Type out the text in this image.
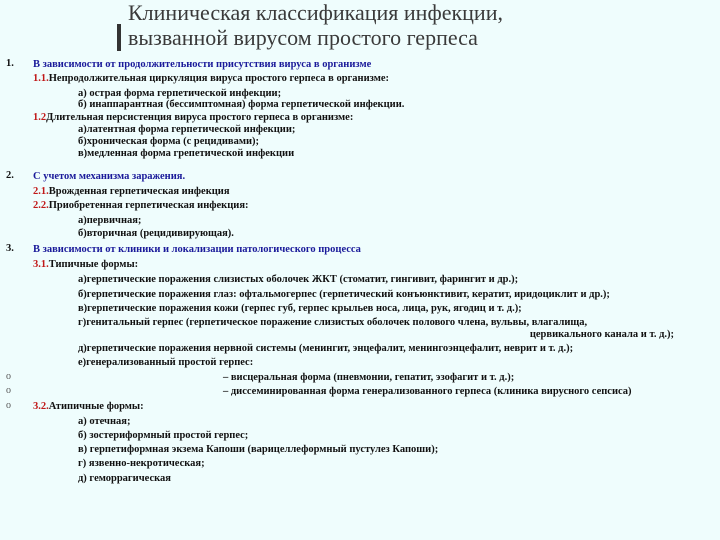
Клиническая классификация инфекции,
вызванной вирусом простого герпеса
1.
2.
3.
o
o
o
В зависимости от продолжительности присутствия вируса в организме
1.1.Непродолжительная циркуляция вируса простого герпеса в организме:
а) острая форма герпетической инфекции;
б) инаппарантная (бессимптомная) форма герпетической инфекции.
1.2Длительная персистенция вируса простого герпеса в организме:
а)латентная форма герпетической инфекции;
б)хроническая форма (с рецидивами);
в)медленная форма грепетической инфекции
С учетом механизма заражения.
2.1.Врожденная герпетическая инфекция
2.2.Приобретенная герпетическая инфекция:
а)первичная;
б)вторичная (рецидивирующая).
В зависимости от клиники и локализации патологического процесса
3.1.Типичные формы:
а)герпетические поражения слизистых оболочек ЖКТ (стоматит, гингивит, фарингит и др.);
б)герпетические поражения глаз: офтальмогерпес (герпетический конъюнктивит, кератит, иридоциклит и др.);
в)герпетические поражения кожи (герпес губ, герпес крыльев носа, лица, рук, ягодиц и т. д.);
г)генитальный герпес (герпетическое поражение слизистых оболочек полового члена, вульвы, влагалища,
цервикального канала и т. д.);
д)герпетические поражения нервной системы (менингит, энцефалит, менингоэнцефалит, неврит и т. д.);
е)генерализованный простой герпес:
– висцеральная форма (пневмонии, гепатит, эзофагит и т. д.);
– диссеминированная форма генерализованного герпеса (клиника вирусного сепсиса)
3.2.Атипичные формы:
а) отечная;
б) зостериформный простой герпес;
в) герпетиформная экзема Капоши (варицеллеформный пустулез Капоши);
г) язвенно-некротическая;
д) геморрагическая
